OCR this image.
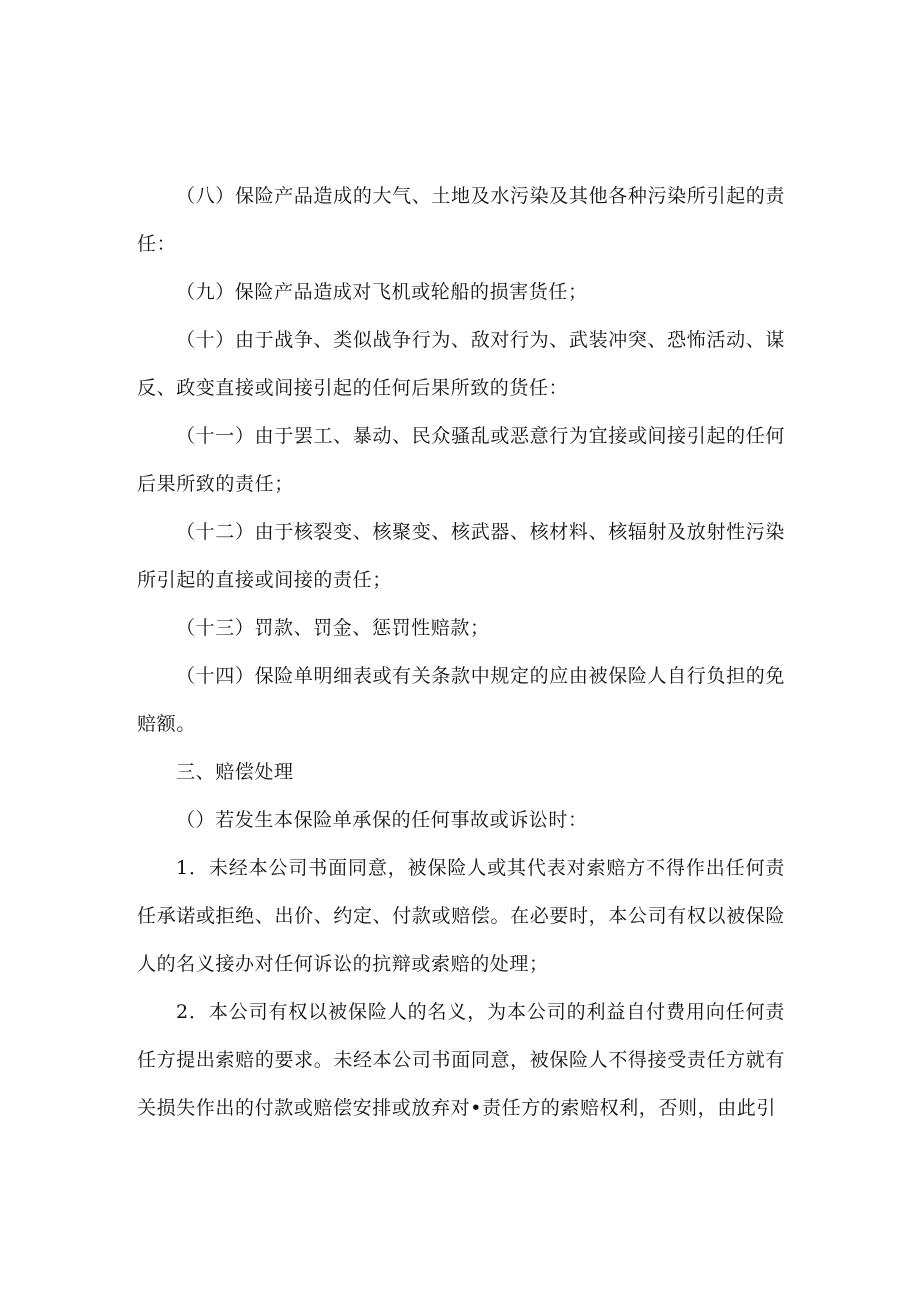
（八）保险产品造成的大气、土地及水污染及其他各种污染所引起的责任：

（九）保险产品造成对飞机或轮船的损害货任；

（十）由于战争、类似战争行为、敌对行为、武装冲突、恐怖活动、谋反、政变直接或间接引起的任何后果所致的货任：

（十一）由于罢工、暴动、民众骚乱或恶意行为宜接或间接引起的任何后果所致的责任；

（十二）由于核裂变、核聚变、核武器、核材料、核辐射及放射性污染所引起的直接或间接的责任；

（十三）罚款、罚金、惩罚性赔款；

（十四）保险单明细表或有关条款中规定的应由被保险人自行负担的免赔额。

三、赔偿处理

（）若发生本保险单承保的任何事故或诉讼时：

1．未经本公司书面同意，被保险人或其代表对索赔方不得作出任何责任承诺或拒绝、出价、约定、付款或赔偿。在必要时，本公司有权以被保险人的名义接办对任何诉讼的抗辩或索赔的处理；

2．本公司有权以被保险人的名义，为本公司的利益自付费用向任何责任方提出索赔的要求。未经本公司书面同意，被保险人不得接受责任方就有关损失作出的付款或赔偿安排或放弃对•责任方的索赔权利，否则，由此引
